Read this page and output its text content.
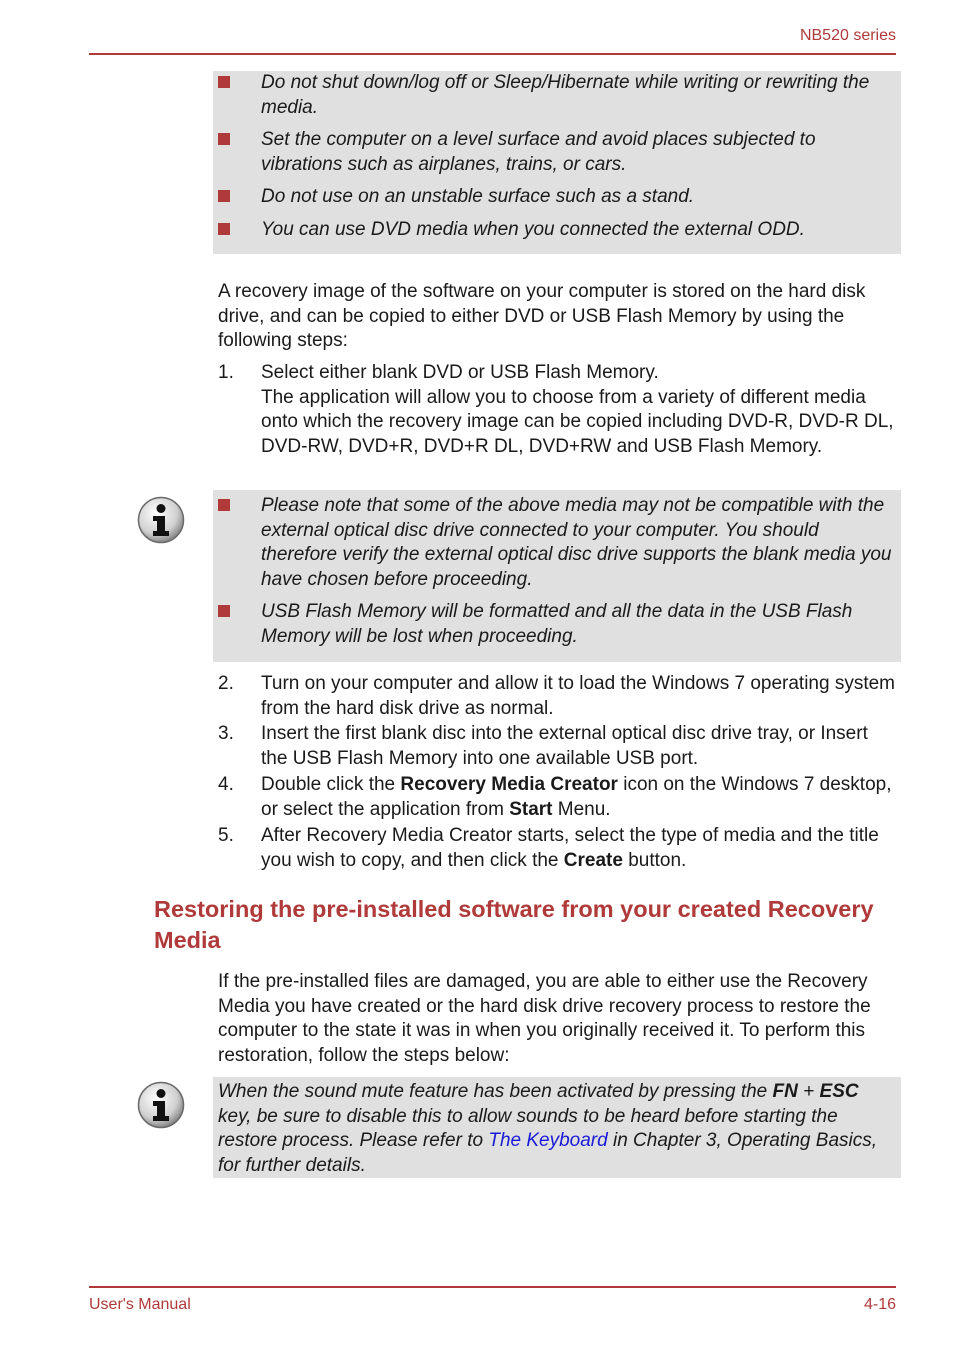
NB520 series
Do not shut down/log off or Sleep/Hibernate while writing or rewriting the media.
Set the computer on a level surface and avoid places subjected to vibrations such as airplanes, trains, or cars.
Do not use on an unstable surface such as a stand.
You can use DVD media when you connected the external ODD.
A recovery image of the software on your computer is stored on the hard disk drive, and can be copied to either DVD or USB Flash Memory by using the following steps:
1. Select either blank DVD or USB Flash Memory.
The application will allow you to choose from a variety of different media onto which the recovery image can be copied including DVD-R, DVD-R DL, DVD-RW, DVD+R, DVD+R DL, DVD+RW and USB Flash Memory.
Please note that some of the above media may not be compatible with the external optical disc drive connected to your computer. You should therefore verify the external optical disc drive supports the blank media you have chosen before proceeding.
USB Flash Memory will be formatted and all the data in the USB Flash Memory will be lost when proceeding.
2. Turn on your computer and allow it to load the Windows 7 operating system from the hard disk drive as normal.
3. Insert the first blank disc into the external optical disc drive tray, or Insert the USB Flash Memory into one available USB port.
4. Double click the Recovery Media Creator icon on the Windows 7 desktop, or select the application from Start Menu.
5. After Recovery Media Creator starts, select the type of media and the title you wish to copy, and then click the Create button.
Restoring the pre-installed software from your created Recovery Media
If the pre-installed files are damaged, you are able to either use the Recovery Media you have created or the hard disk drive recovery process to restore the computer to the state it was in when you originally received it. To perform this restoration, follow the steps below:
When the sound mute feature has been activated by pressing the FN + ESC key, be sure to disable this to allow sounds to be heard before starting the restore process. Please refer to The Keyboard in Chapter 3, Operating Basics, for further details.
User's Manual	4-16
